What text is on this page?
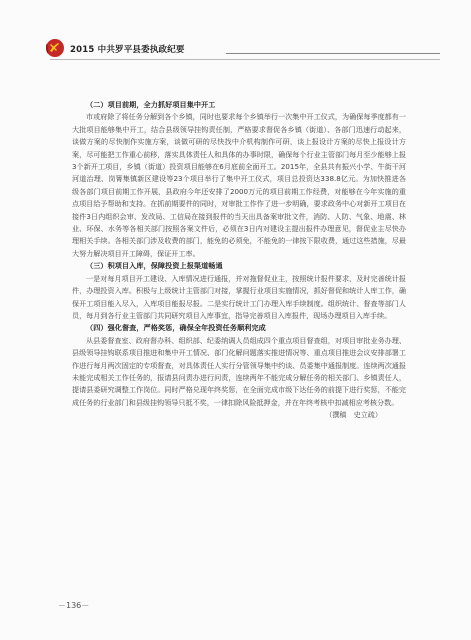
2015 中共罗平县委执政纪要
（二）项目前期，全力抓好项目集中开工

市或府除了将任务分解到各个乡镇，同时也要求每个乡镇举行一次集中开工仪式，为确保每季度都有一大批项目能够集中开工，结合县级领导挂钩责任制，严格要求督促各乡镇（街道）、各部门迅速行动起来，谈做方案的尽快制作实施方案，谈做可研的尽快找中介机构制作可研，谈上报设计方案的尽快上报设计方案，尽可能把工作重心前移，落实具体责任人和具体的办事时限，确保每个行业主管部门每月至少能够上报3个新开工项目，乡镇（街道）投资项目能够在6月底前全面开工。2015年，全县共有振兴小学、牛街干河河道治理、岗箐集镇新区建设等23个项目举行了集中开工仪式，项目总投资达338.8亿元。为加快推进各级各部门项目前期工作开展，县政府今年还安排了2000万元的项目前期工作经费，对能够在今年实施的重点项目给予帮助和支持。在抓前期要件的同时，对审批工作作了进一步明确，要求政务中心对新开工项目在接件3日内组织会审、发改局、工信局在接到报件的当天出具备案审批文件，消防、人防、气象、地震、林业、环保、水务等各相关部门按照各案文件后，必须在3日内对建设主提出报件办理意见，督促业主尽快办理相关手续。各相关部门涉及收费的部门，能免的必须免，不能免的一律按下限收费，通过这些措施，尽最大努力解决项目开工障碍，保证开工率。

（三）积项目入库，保障投资上报渠道畅通

一是对每月项目开工建设、入库情况进行通报，并对拖督促业主，按照统计报件要求，及时完善统计报件，办理投资入库。积极与上级统计主管部门对接，掌握行业项目实施情况，抓好督促和统计人库工作，确保开工项目能入尽入，入库项目能报尽报。二是实行统计工门办理入库手续制度。组织统计、督查等部门人员，每月到各行业主管部门共同研究项目入库事宜，指导完善项目入库报件，现场办理项目入库手续。

（四）强化督查，严格奖惩，确保全年投资任务顺利完成

从县委督查室、政府督办科、组织部、纪委纳调人员组成四个重点项目督查组，对项目审批业务办理、县级领导挂钩联系项目推进和集中开工情况、部门化解问题落实推进情况等、重点项目推进会议安排部署工作进行每月两次固定的专项督查，对具体责任人实行分管领导集中约谈、员委集中通报制度。连续两次通报未能完成相关工作任务的，报请县问责办进行问责，连续两年不能完成分解任务的相关部门、乡镇责任人，提请县委研究调整工作岗位。同时严格兑现年终奖惩，在全面完成市级下达任务的前提下进行奖惩，不能完成任务的行业部门和县级挂钩领导只抵不奖，一律扣除风险抵押金，并在年终考核中扣减相应考核分数。

（撰稿　史立疏）
－136－
